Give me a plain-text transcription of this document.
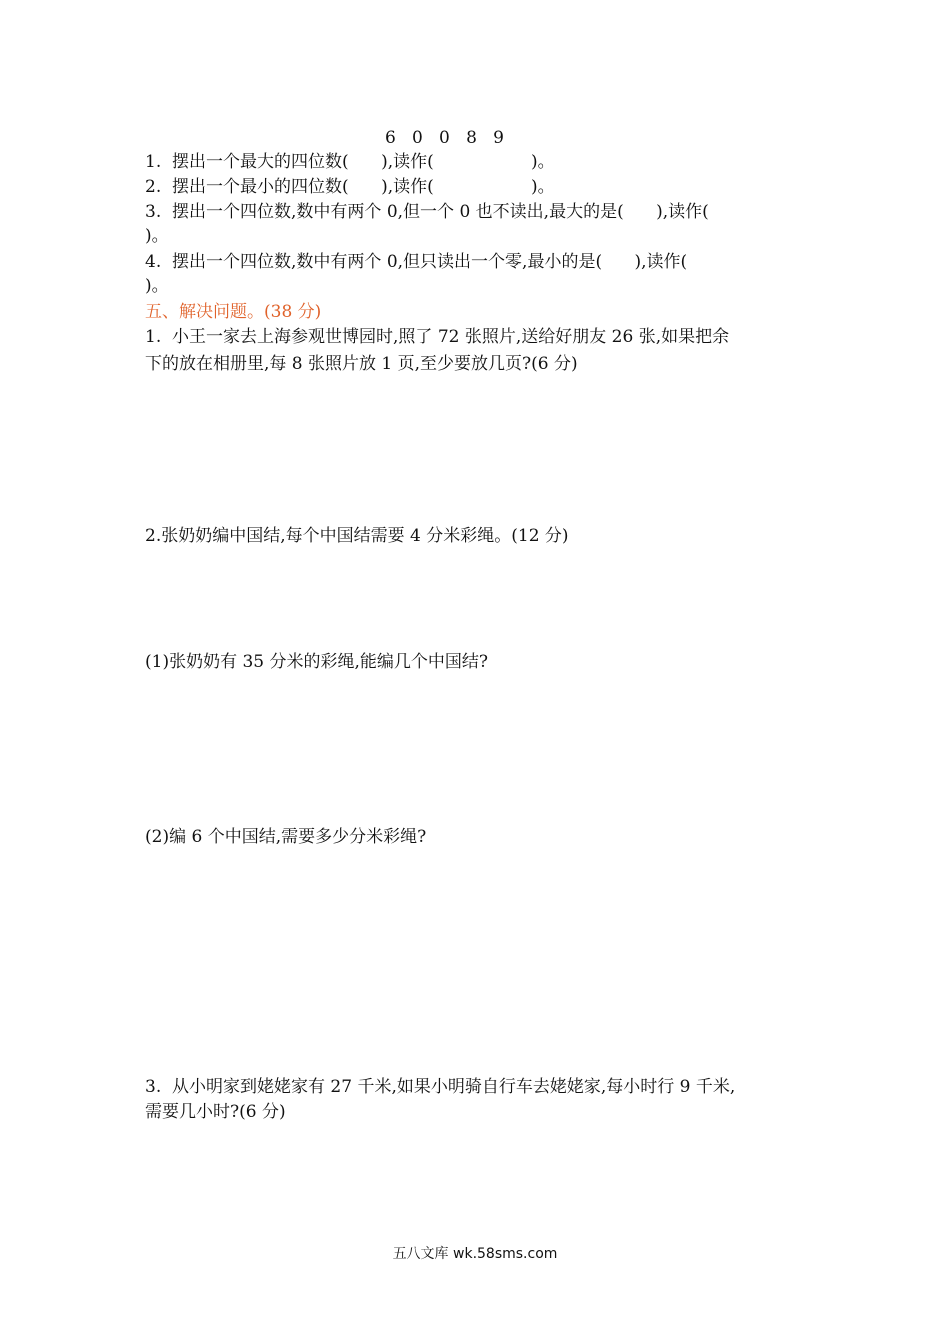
6   0   0   8   9

1.  摆出一个最大的四位数(      ),读作(                  )。

2.  摆出一个最小的四位数(      ),读作(                  )。

3.  摆出一个四位数,数中有两个 0,但一个 0 也不读出,最大的是(      ),读作(

)。

4.  摆出一个四位数,数中有两个 0,但只读出一个零,最小的是(      ),读作(

)。

五、解决问题。(38 分)

1.  小王一家去上海参观世博园时,照了 72 张照片,送给好朋友 26 张,如果把余

下的放在相册里,每 8 张照片放 1 页,至少要放几页?(6 分)

2.张奶奶编中国结,每个中国结需要 4 分米彩绳。(12 分)

(1)张奶奶有 35 分米的彩绳,能编几个中国结?

(2)编 6 个中国结,需要多少分米彩绳?

3.  从小明家到姥姥家有 27 千米,如果小明骑自行车去姥姥家,每小时行 9 千米,

需要几小时?(6 分)

五八文库 wk.58sms.com
